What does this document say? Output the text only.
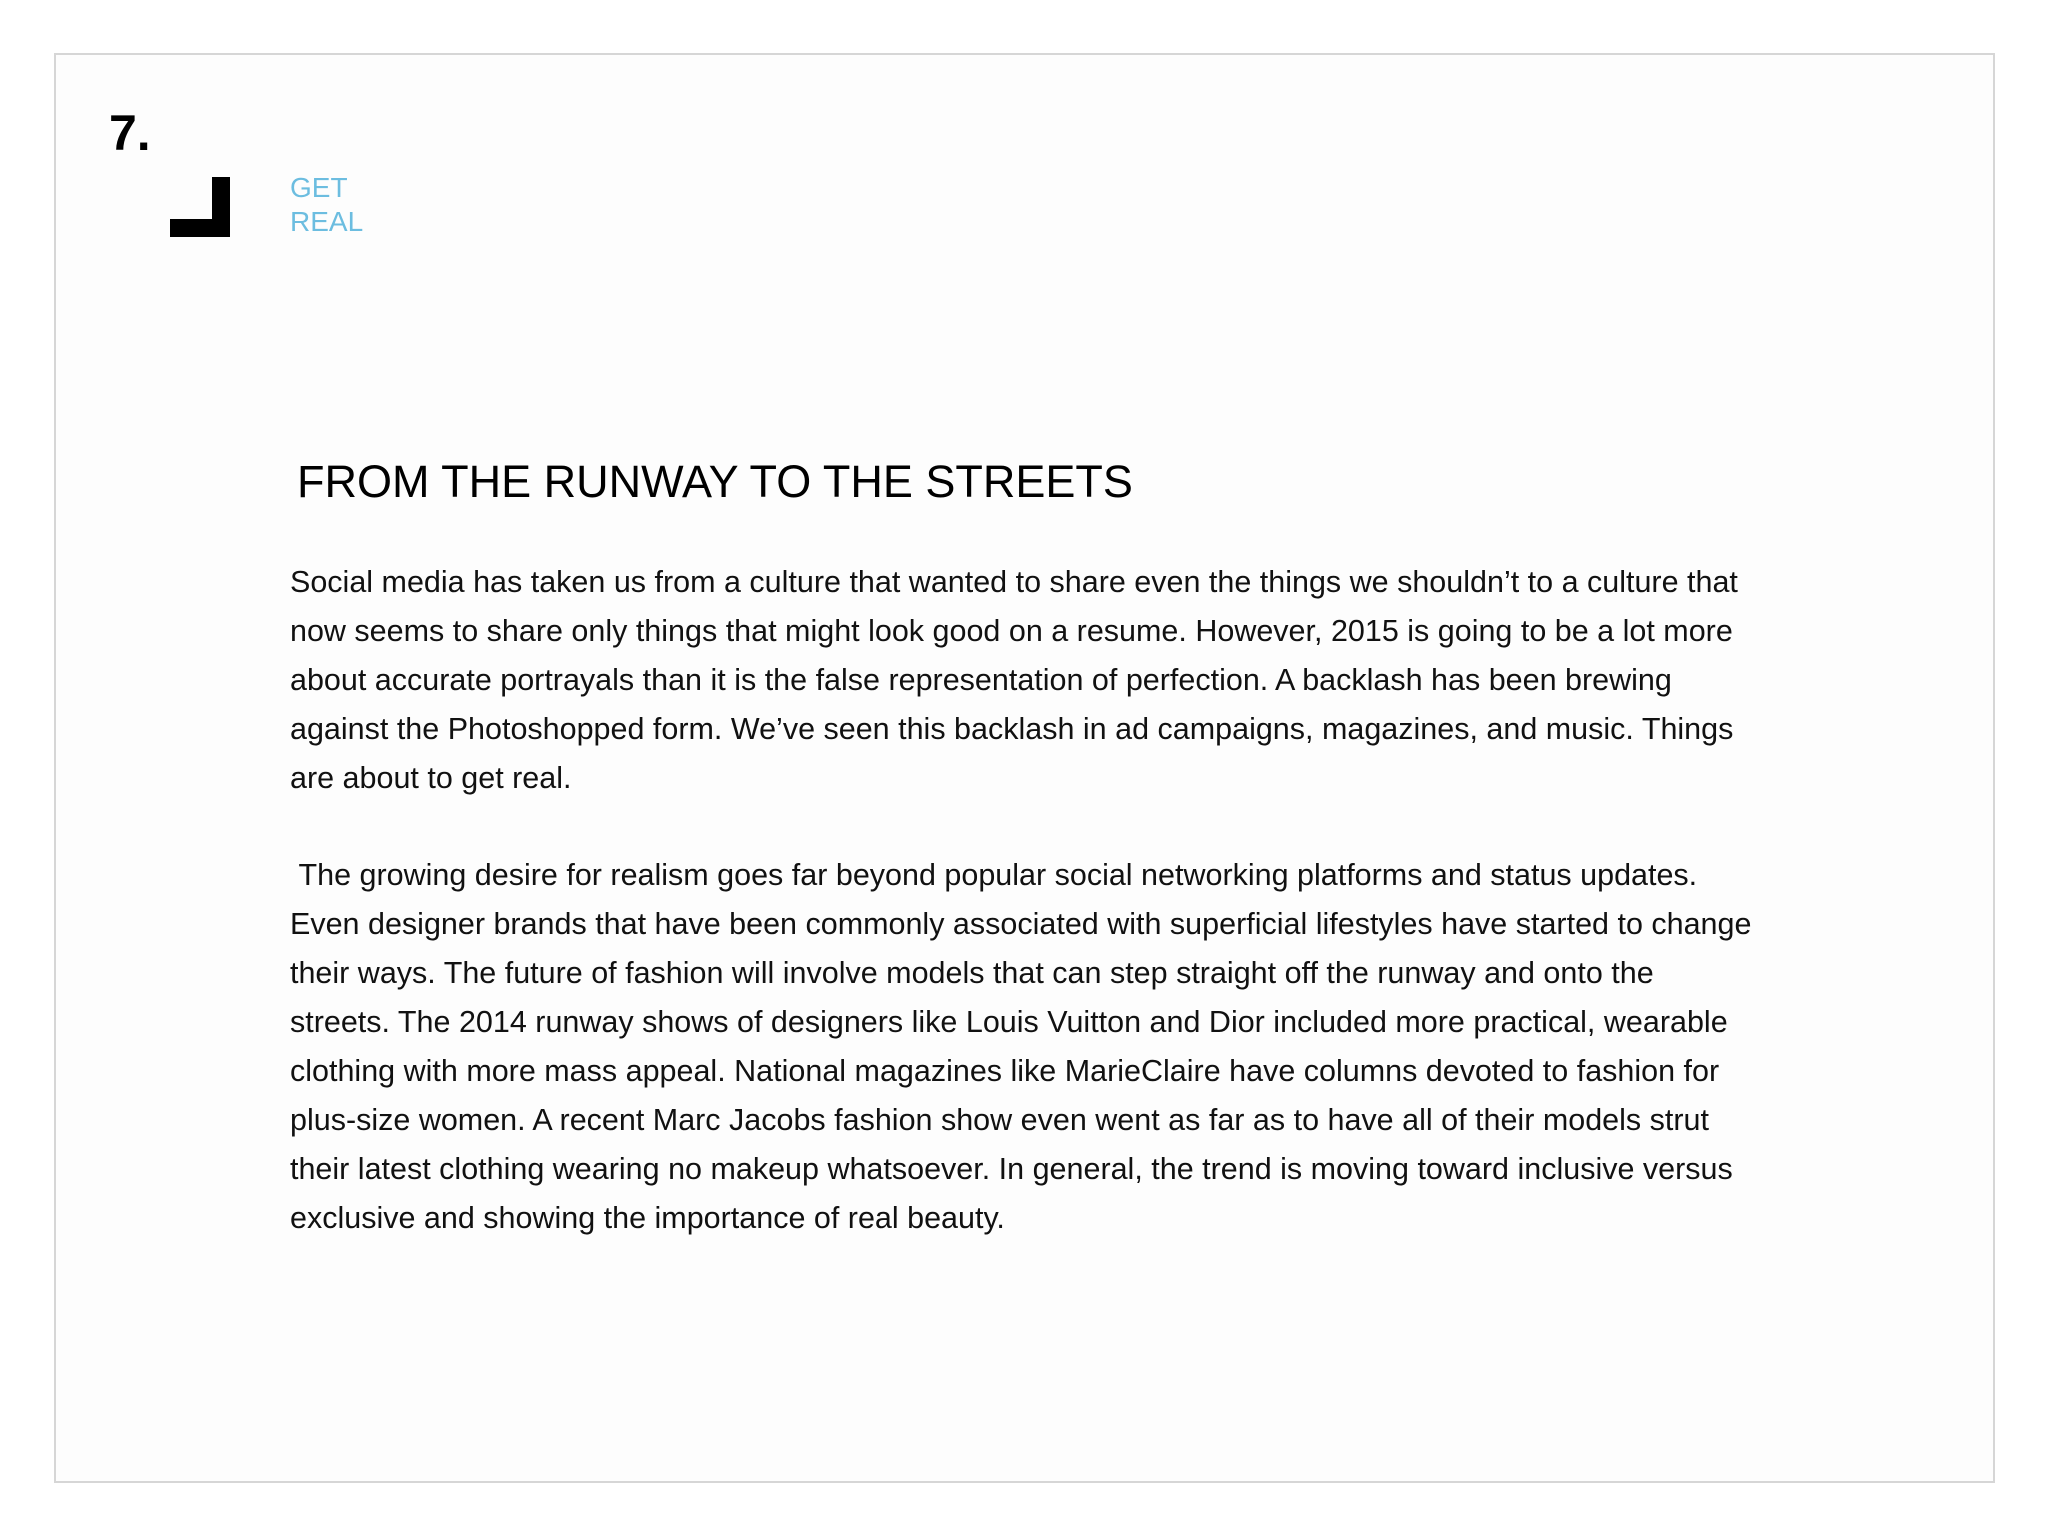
7.
GET
REAL
FROM THE RUNWAY TO THE STREETS

Social media has taken us from a culture that wanted to share even the things we shouldn’t to a culture that
now seems to share only things that might look good on a resume. However, 2015 is going to be a lot more
about accurate portrayals than it is the false representation of perfection. A backlash has been brewing
against the Photoshopped form. We’ve seen this backlash in ad campaigns, magazines, and music. Things
are about to get real.

The growing desire for realism goes far beyond popular social networking platforms and status updates.
Even designer brands that have been commonly associated with superficial lifestyles have started to change
their ways. The future of fashion will involve models that can step straight off the runway and onto the
streets. The 2014 runway shows of designers like Louis Vuitton and Dior included more practical, wearable
clothing with more mass appeal. National magazines like MarieClaire have columns devoted to fashion for
plus-size women. A recent Marc Jacobs fashion show even went as far as to have all of their models strut
their latest clothing wearing no makeup whatsoever. In general, the trend is moving toward inclusive versus
exclusive and showing the importance of real beauty.
